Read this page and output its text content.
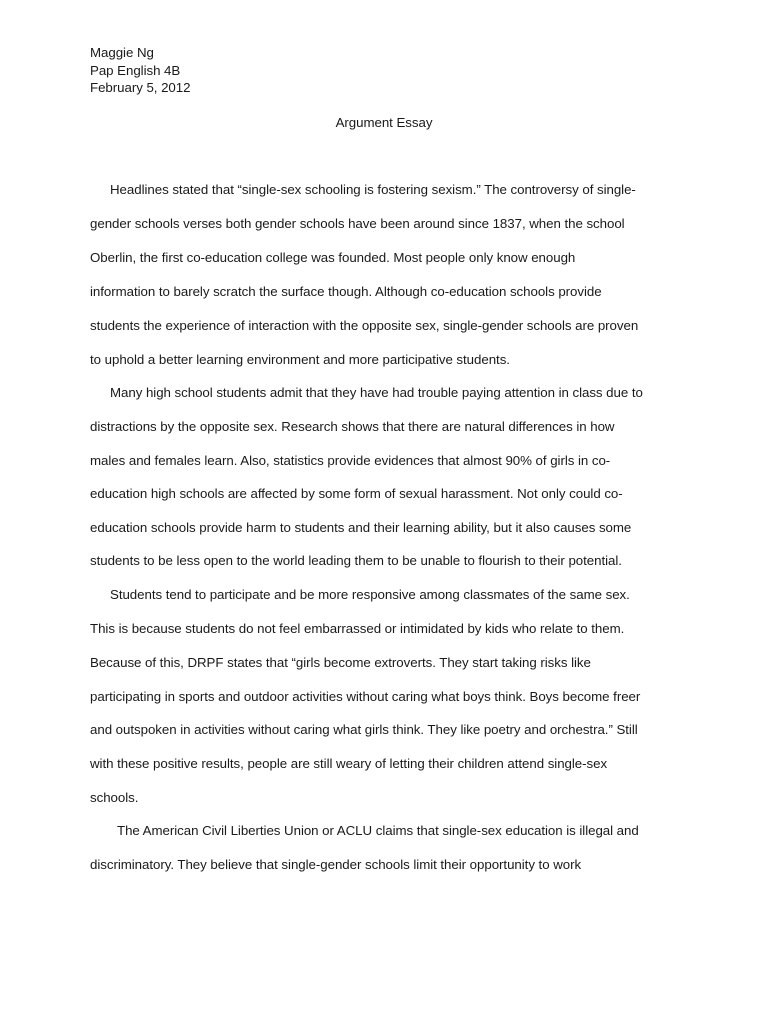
Maggie Ng
Pap English 4B
February 5, 2012
Argument Essay
Headlines stated that “single-sex schooling is fostering sexism.” The controversy of single-
gender schools verses both gender schools have been around since 1837, when the school
Oberlin, the first co-education college was founded. Most people only know enough
information to barely scratch the surface though. Although co-education schools provide
students the experience of interaction with the opposite sex, single-gender schools are proven
to uphold a better learning environment and more participative students.
Many high school students admit that they have had trouble paying attention in class due to
distractions by the opposite sex. Research shows that there are natural differences in how
males and females learn. Also, statistics provide evidences that almost 90% of girls in co-
education high schools are affected by some form of sexual harassment. Not only could co-
education schools provide harm to students and their learning ability, but it also causes some
students to be less open to the world leading them to be unable to flourish to their potential.
Students tend to participate and be more responsive among classmates of the same sex.
This is because students do not feel embarrassed or intimidated by kids who relate to them.
Because of this, DRPF states that “girls become extroverts. They start taking risks like
participating in sports and outdoor activities without caring what boys think. Boys become freer
and outspoken in activities without caring what girls think. They like poetry and orchestra.” Still
with these positive results, people are still weary of letting their children attend single-sex
schools.
The American Civil Liberties Union or ACLU claims that single-sex education is illegal and
discriminatory. They believe that single-gender schools limit their opportunity to work
